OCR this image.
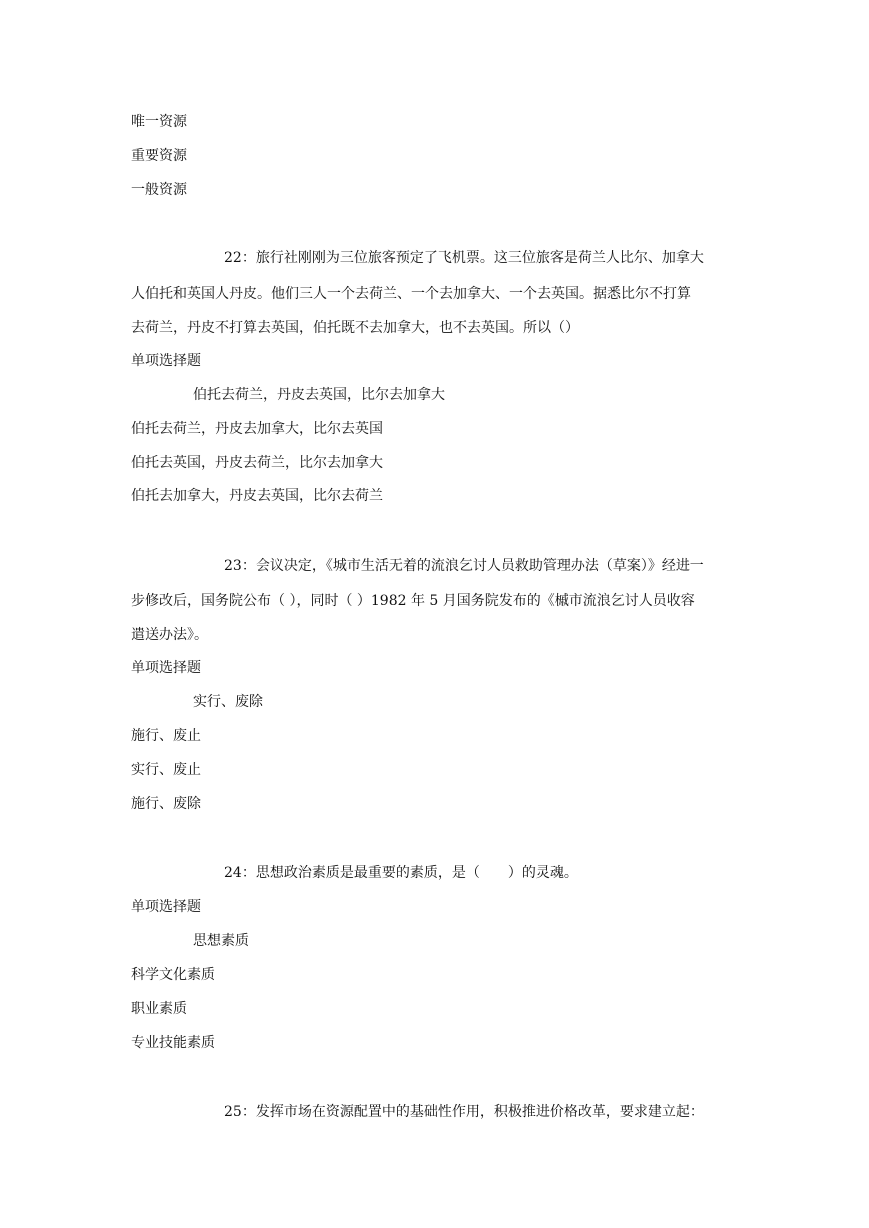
唯一资源
重要资源
一般资源
22：旅行社刚刚为三位旅客预定了飞机票。这三位旅客是荷兰人比尔、加拿大
人伯托和英国人丹皮。他们三人一个去荷兰、一个去加拿大、一个去英国。据悉比尔不打算
去荷兰，丹皮不打算去英国，伯托既不去加拿大，也不去英国。所以（）
单项选择题
伯托去荷兰，丹皮去英国，比尔去加拿大
伯托去荷兰，丹皮去加拿大，比尔去英国
伯托去英国，丹皮去荷兰，比尔去加拿大
伯托去加拿大，丹皮去英国，比尔去荷兰
23：会议决定，《城市生活无着的流浪乞讨人员救助管理办法（草案）》经进一
步修改后，国务院公布（ ），同时（ ）1982 年 5 月国务院发布的《槭市流浪乞讨人员收容
遣送办法》。
单项选择题
实行、废除
施行、废止
实行、废止
施行、废除
24：思想政治素质是最重要的素质，是（　　）的灵魂。
单项选择题
思想素质
科学文化素质
职业素质
专业技能素质
25：发挥市场在资源配置中的基础性作用，积极推进价格改革，要求建立起：
